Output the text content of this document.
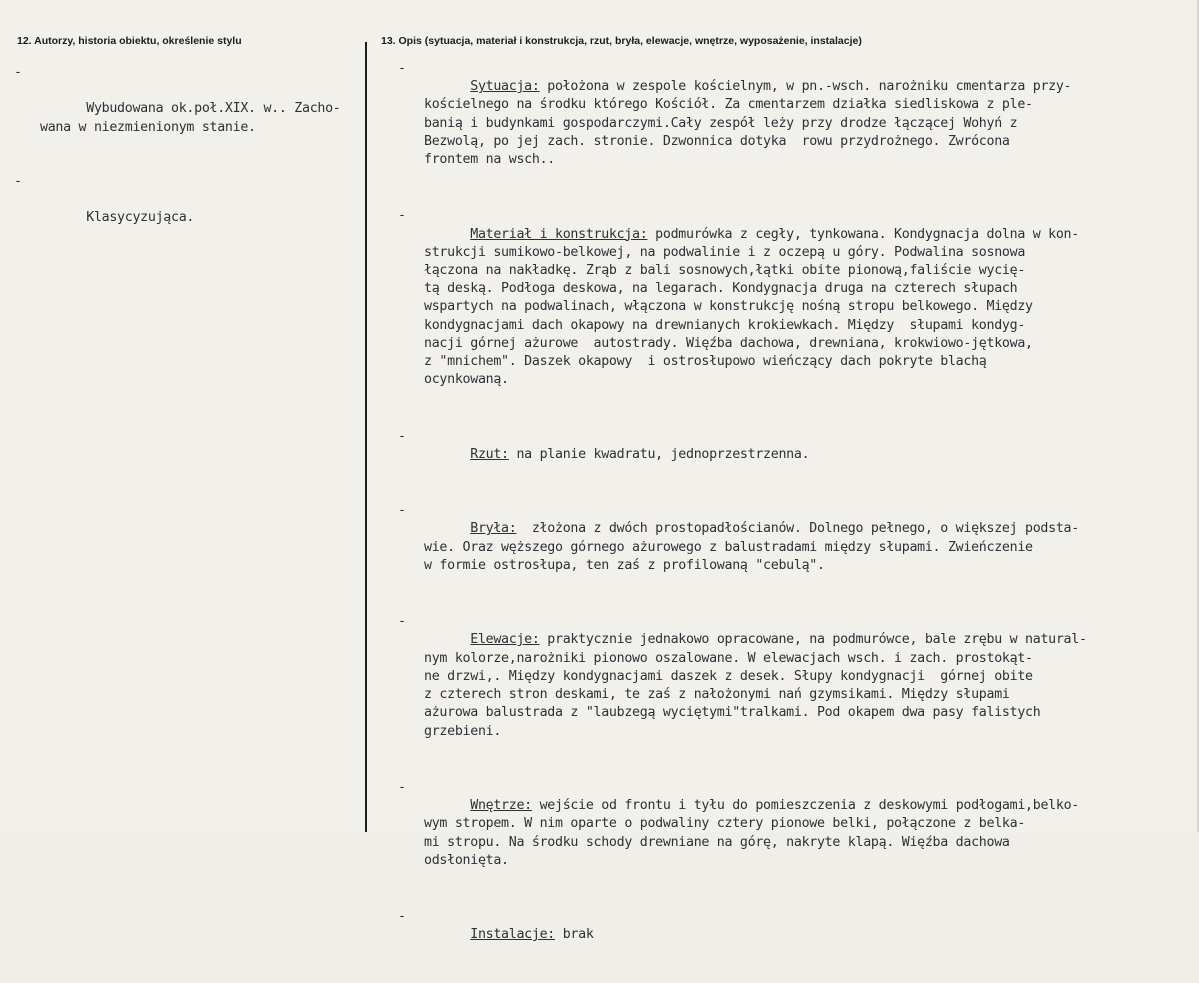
12. Autorzy, historia obiektu, określenie stylu	13. Opis (sytuacja, materiał i konstrukcja, rzut, bryła, elewacje, wnętrze, wyposażenie, instalacje)

-

Wybudowana ok.poł.XIX. w.. Zacho-
wana w niezmienionym stanie.

-

Klasycyzująca.

-
Sytuacja: położona w zespole kościelnym, w pn.-wsch. narożniku cmentarza przy-
kościelnego na środku którego Kościół. Za cmentarzem działka siedliskowa z ple-
banią i budynkami gospodarczymi.Cały zespół leży przy drodze łączącej Wohyń z
Bezwolą, po jej zach. stronie. Dzwonnica dotyka  rowu przydrożnego. Zwrócona
frontem na wsch..

-
Materiał i konstrukcja: podmurówka z cegły, tynkowana. Kondygnacja dolna w kon-
strukcji sumikowo-belkowej, na podwalinie i z oczepą u góry. Podwalina sosnowa
łączona na nakładkę. Zrąb z bali sosnowych,łątki obite pionową,faliście wycię-
tą deską. Podłoga deskowa, na legarach. Kondygnacja druga na czterech słupach
wspartych na podwalinach, włączona w konstrukcję nośną stropu belkowego. Między
kondygnacjami dach okapowy na drewnianych krokiewkach. Między  słupami kondyg-
nacji górnej ażurowe  autostrady. Więźba dachowa, drewniana, krokwiowo-jętkowa,
z "mnichem". Daszek okapowy  i ostrosłupowo wieńczący dach pokryte blachą
ocynkowaną.

-
Rzut: na planie kwadratu, jednoprzestrzenna.

-
Bryła:  złożona z dwóch prostopadłościanów. Dolnego pełnego, o większej podsta-
wie. Oraz węższego górnego ażurowego z balustradami między słupami. Zwieńczenie
w formie ostrosłupa, ten zaś z profilowaną "cebulą".

-
Elewacje: praktycznie jednakowo opracowane, na podmurówce, bale zrębu w natural-
nym kolorze,narożniki pionowo oszalowane. W elewacjach wsch. i zach. prostokąt-
ne drzwi,. Między kondygnacjami daszek z desek. Słupy kondygnacji  górnej obite
z czterech stron deskami, te zaś z nałożonymi nań gzymsikami. Między słupami
ażurowa balustrada z "laubzegą wyciętymi"tralkami. Pod okapem dwa pasy falistych
grzebieni.

-
Wnętrze: wejście od frontu i tyłu do pomieszczenia z deskowymi podłogami,belko-
wym stropem. W nim oparte o podwaliny cztery pionowe belki, połączone z belka-
mi stropu. Na środku schody drewniane na górę, nakryte klapą. Więźba dachowa
odsłonięta.

-
Instalacje: brak
